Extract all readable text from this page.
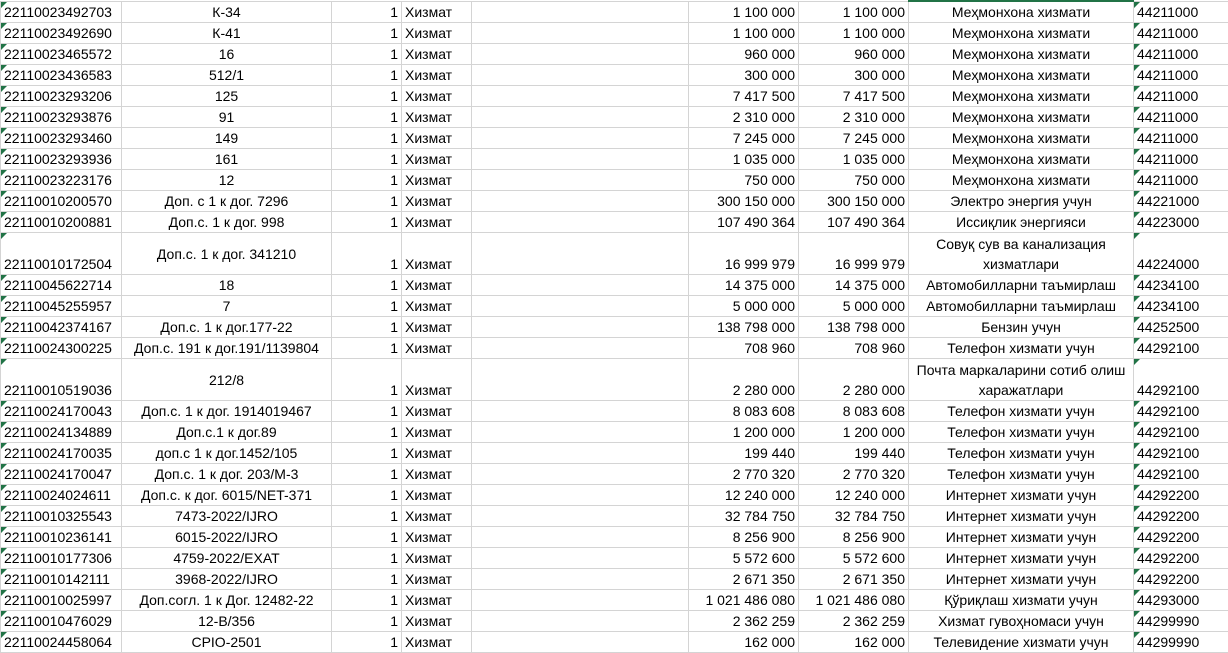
22110023492703	К-34	1	Хизмат		1 100 000	1 100 000	Меҳмонхона хизмати	44211000

22110023492690	К-41	1	Хизмат		1 100 000	1 100 000	Меҳмонхона хизмати	44211000

22110023465572	16	1	Хизмат		960 000	960 000	Меҳмонхона хизмати	44211000

22110023436583	512/1	1	Хизмат		300 000	300 000	Меҳмонхона хизмати	44211000

22110023293206	125	1	Хизмат		7 417 500	7 417 500	Меҳмонхона хизмати	44211000

22110023293876	91	1	Хизмат		2 310 000	2 310 000	Меҳмонхона хизмати	44211000

22110023293460	149	1	Хизмат		7 245 000	7 245 000	Меҳмонхона хизмати	44211000

22110023293936	161	1	Хизмат		1 035 000	1 035 000	Меҳмонхона хизмати	44211000

22110023223176	12	1	Хизмат		750 000	750 000	Меҳмонхона хизмати	44211000

22110010200570	Доп. с 1 к дог. 7296	1	Хизмат		300 150 000	300 150 000	Электро энергия учун	44221000

22110010200881	Доп.с. 1 к дог. 998	1	Хизмат		107 490 364	107 490 364	Иссиқлик энергияси	44223000

22110010172504	Доп.с. 1 к дог. 341210	1	Хизмат		16 999 979	16 999 979	Совуқ сув ва канализация хизматлари	44224000

22110045622714	18	1	Хизмат		14 375 000	14 375 000	Автомобилларни таъмирлаш	44234100

22110045255957	7	1	Хизмат		5 000 000	5 000 000	Автомобилларни таъмирлаш	44234100

22110042374167	Доп.с. 1 к дог.177-22	1	Хизмат		138 798 000	138 798 000	Бензин учун	44252500

22110024300225	Доп.с. 191 к дог.191/1139804	1	Хизмат		708 960	708 960	Телефон хизмати учун	44292100

22110010519036	212/8	1	Хизмат		2 280 000	2 280 000	Почта маркаларини сотиб олиш харажатлари	44292100

22110024170043	Доп.с. 1 к дог. 1914019467	1	Хизмат		8 083 608	8 083 608	Телефон хизмати учун	44292100

22110024134889	Доп.с.1 к дог.89	1	Хизмат		1 200 000	1 200 000	Телефон хизмати учун	44292100

22110024170035	доп.с 1 к дог.1452/105	1	Хизмат		199 440	199 440	Телефон хизмати учун	44292100

22110024170047	Доп.с. 1 к дог. 203/М-3	1	Хизмат		2 770 320	2 770 320	Телефон хизмати учун	44292100

22110024024611	Доп.с. к дог. 6015/NET-371	1	Хизмат		12 240 000	12 240 000	Интернет хизмати учун	44292200

22110010325543	7473-2022/IJRO	1	Хизмат		32 784 750	32 784 750	Интернет хизмати учун	44292200

22110010236141	6015-2022/IJRO	1	Хизмат		8 256 900	8 256 900	Интернет хизмати учун	44292200

22110010177306	4759-2022/EXAT	1	Хизмат		5 572 600	5 572 600	Интернет хизмати учун	44292200

22110010142111	3968-2022/IJRO	1	Хизмат		2 671 350	2 671 350	Интернет хизмати учун	44292200

22110010025997	Доп.согл. 1 к Дог. 12482-22	1	Хизмат		1 021 486 080	1 021 486 080	Қўриқлаш хизмати учун	44293000

22110010476029	12-В/356	1	Хизмат		2 362 259	2 362 259	Хизмат гувоҳномаси учун	44299990

22110024458064	CPIO-2501	1	Хизмат		162 000	162 000	Телевидение хизмати учун	44299990
